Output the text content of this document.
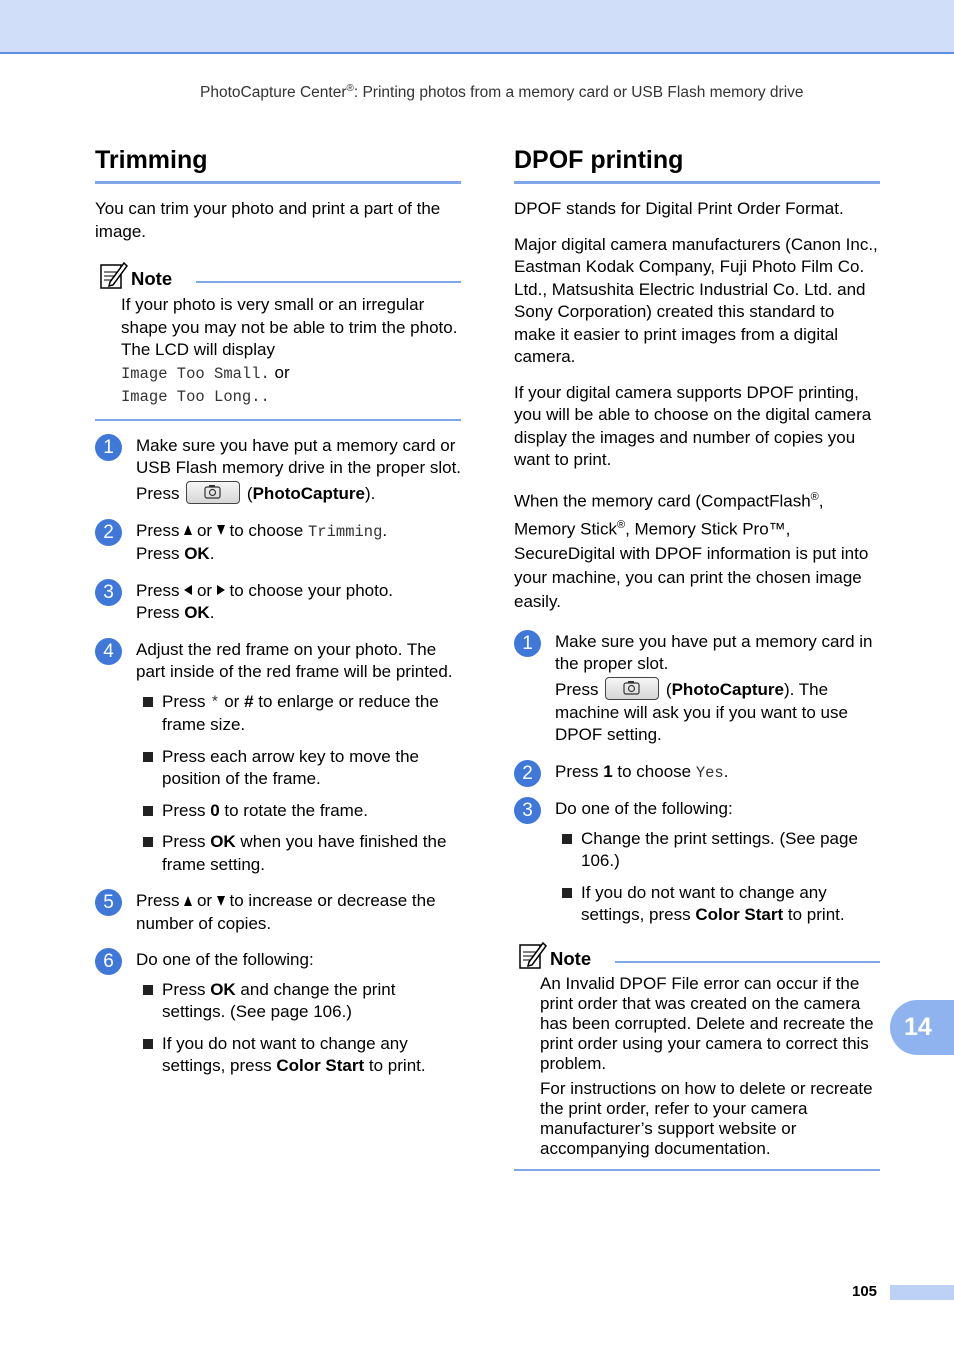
PhotoCapture Center®: Printing photos from a memory card or USB Flash memory drive
Trimming

You can trim your photo and print a part of the image.

Note

If your photo is very small or an irregular shape you may not be able to trim the photo. The LCD will display
Image Too Small. or
Image Too Long..

1	Make sure you have put a memory card or USB Flash memory drive in the proper slot.

Press	(PhotoCapture).

2	Press or to choose Trimming.
Press OK.

3	Press or to choose your photo.
Press OK.

4	Adjust the red frame on your photo. The part inside of the red frame will be printed.

Press * or # to enlarge or reduce the frame size.
Press each arrow key to move the position of the frame.
Press 0 to rotate the frame.
Press OK when you have finished the frame setting.
5	Press or to increase or decrease the number of copies.

6	Do one of the following:

Press OK and change the print settings. (See page 106.)
If you do not want to change any settings, press Color Start to print.
DPOF printing

DPOF stands for Digital Print Order Format.

Major digital camera manufacturers (Canon Inc., Eastman Kodak Company, Fuji Photo Film Co. Ltd., Matsushita Electric Industrial Co. Ltd. and Sony Corporation) created this standard to make it easier to print images from a digital camera.

If your digital camera supports DPOF printing, you will be able to choose on the digital camera display the images and number of copies you want to print.

When the memory card (CompactFlash®, Memory Stick®, Memory Stick Pro™, SecureDigital with DPOF information is put into your machine, you can print the chosen image easily.

1	Make sure you have put a memory card in the proper slot.

Press	(PhotoCapture). The machine will ask you if you want to use DPOF setting.

2	Press 1 to choose Yes.

3	Do one of the following:

Change the print settings. (See page 106.)
If you do not want to change any settings, press Color Start to print.
Note

An Invalid DPOF File error can occur if the print order that was created on the camera has been corrupted. Delete and recreate the print order using your camera to correct this problem.

For instructions on how to delete or recreate the print order, refer to your camera manufacturer’s support website or accompanying documentation.

14
105
